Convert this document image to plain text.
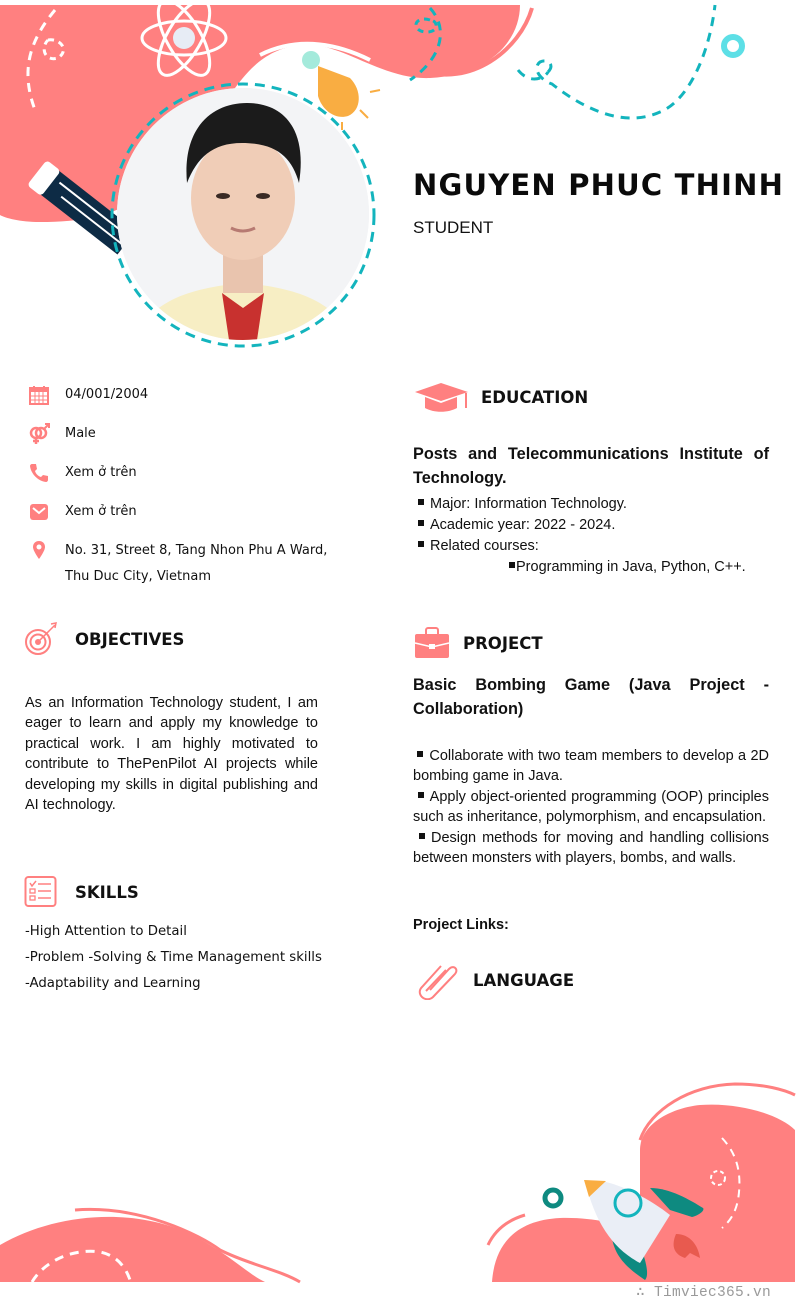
NGUYEN PHUC THINH
STUDENT
04/001/2004
Male
Xem ở trên
Xem ở trên
No. 31, Street 8, Tang Nhon Phu A Ward,
Thu Duc City, Vietnam
OBJECTIVES
As an Information Technology student, I am eager to learn and apply my knowledge to practical work. I am highly motivated to contribute to ThePenPilot AI projects while developing my skills in digital publishing and AI technology.
SKILLS
-High Attention to Detail
-Problem -Solving & Time Management skills
-Adaptability and Learning
EDUCATION
Posts and Telecommunications Institute of Technology.
Major: Information Technology.
Academic year: 2022 - 2024.
Related courses:
Programming in Java, Python, C++.
PROJECT
Basic Bombing Game (Java Project - Collaboration)
Collaborate with two team members to develop a 2D bombing game in Java.
Apply object-oriented programming (OOP) principles such as inheritance, polymorphism, and encapsulation.
Design methods for moving and handling collisions between monsters with players, bombs, and walls.
Project Links:
LANGUAGE
∴ Timviec365.vn
